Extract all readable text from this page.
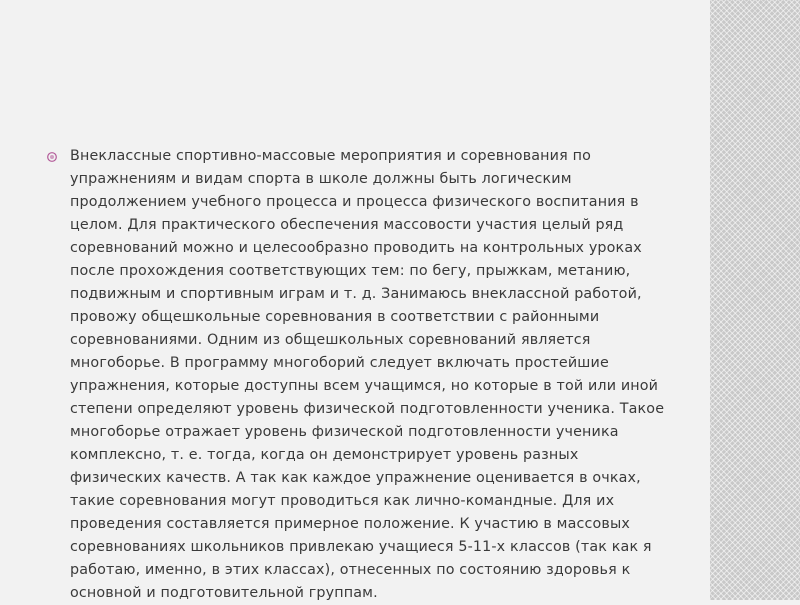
Внеклассные спортивно-массовые мероприятия и соревнования по упражнениям и видам спорта в школе должны быть логическим продолжением учебного процесса и процесса физического воспитания в целом. Для практического обеспечения массовости участия целый ряд соревнований можно и целесообразно проводить на контрольных уроках после прохождения соответствующих тем: по бегу, прыжкам, метанию, подвижным и спортивным играм и т. д. Занимаюсь внеклассной работой, провожу общешкольные соревнования в соответствии с районными соревнованиями. Одним из общешкольных соревнований является многоборье. В программу многоборий следует включать простейшие упражнения, которые доступны всем учащимся, но которые в той или иной степени определяют уровень физической подготовленности ученика. Такое многоборье отражает уровень физической подготовленности ученика комплексно, т. е. тогда, когда он демонстрирует уровень разных физических качеств. А так как каждое упражнение оценивается в очках, такие соревнования могут проводиться как лично-командные. Для их проведения составляется примерное положение. К участию в массовых соревнованиях школьников привлекаю учащиеся 5-11-х классов (так как я работаю, именно, в этих классах), отнесенных по состоянию здоровья к основной и подготовительной группам.
